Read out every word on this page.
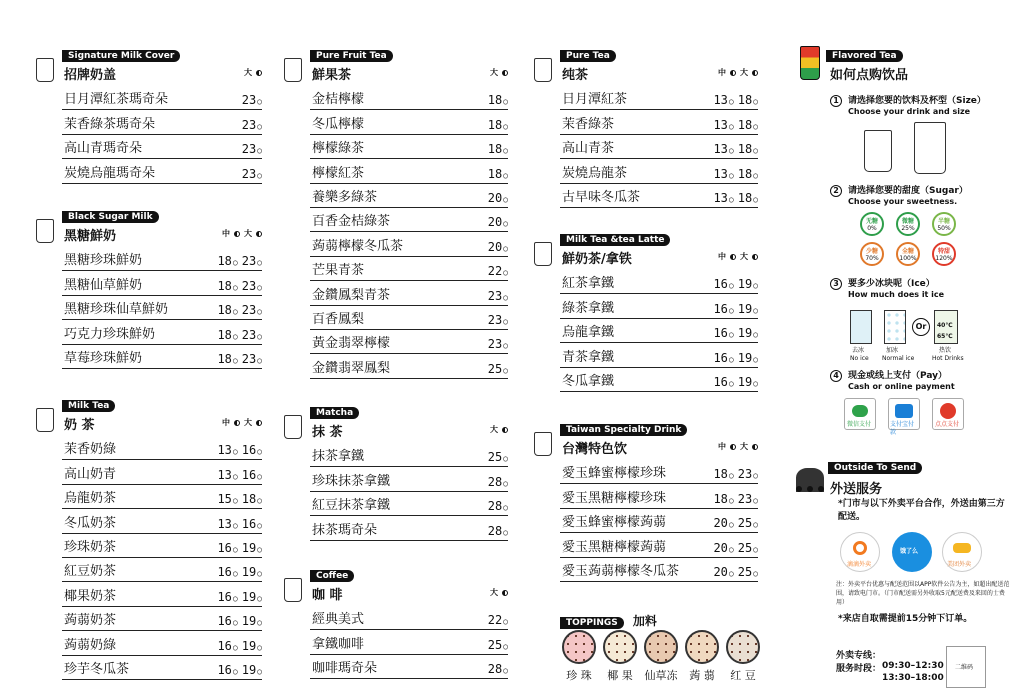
Signature Milk Cover
招牌奶盖	大
日月潭紅茶瑪奇朵	23 ○
茉香綠茶瑪奇朵	23 ○
高山青瑪奇朵	23 ○
炭燒烏龍瑪奇朵	23 ○
Black Sugar Milk
黑糖鮮奶	中 大
黑糖珍珠鮮奶	18 ○ 23 ○
黑糖仙草鮮奶	18 ○ 23 ○
黑糖珍珠仙草鮮奶	18 ○ 23 ○
巧克力珍珠鮮奶	18 ○ 23 ○
草莓珍珠鮮奶	18 ○ 23 ○
Milk Tea
奶 茶	中 大
茉香奶綠	13 ○ 16 ○
高山奶青	13 ○ 16 ○
烏龍奶茶	15 ○ 18 ○
冬瓜奶茶	13 ○ 16 ○
珍珠奶茶	16 ○ 19 ○
紅豆奶茶	16 ○ 19 ○
椰果奶茶	16 ○ 19 ○
蒟蒻奶茶	16 ○ 19 ○
蒟蒻奶綠	16 ○ 19 ○
珍芋冬瓜茶	16 ○ 19 ○
Pure Fruit Tea
鮮果茶	大
金桔檸檬	18 ○
冬瓜檸檬	18 ○
檸檬綠茶	18 ○
檸檬紅茶	18 ○
養樂多綠茶	20 ○
百香金桔綠茶	20 ○
蒟蒻檸檬冬瓜茶	20 ○
芒果青茶	22 ○
金鑽鳳梨青茶	23 ○
百香鳳梨	23 ○
黃金翡翠檸檬	23 ○
金鑽翡翠鳳梨	25 ○
Matcha
抹 茶	大
抹茶拿鐵	25 ○
珍珠抹茶拿鐵	28 ○
紅豆抹茶拿鐵	28 ○
抹茶瑪奇朵	28 ○
Coffee
咖 啡	大
經典美式	22 ○
拿鐵咖啡	25 ○
咖啡瑪奇朵	28 ○
Pure Tea
纯茶	中 大
日月潭紅茶	13 ○ 18 ○
茉香綠茶	13 ○ 18 ○
高山青茶	13 ○ 18 ○
炭燒烏龍茶	13 ○ 18 ○
古早味冬瓜茶	13 ○ 18 ○
Milk Tea &tea Latte
鮮奶茶/拿铁	中 大
紅茶拿鐵	16 ○ 19 ○
綠茶拿鐵	16 ○ 19 ○
烏龍拿鐵	16 ○ 19 ○
青茶拿鐵	16 ○ 19 ○
冬瓜拿鐵	16 ○ 19 ○
Taiwan Specialty Drink
台灣特色饮	中 大
愛玉蜂蜜檸檬珍珠	18 ○ 23 ○
愛玉黑糖檸檬珍珠	18 ○ 23 ○
愛玉蜂蜜檸檬蒟蒻	20 ○ 25 ○
愛玉黑糖檸檬蒟蒻	20 ○ 25 ○
愛玉蒟蒻檸檬冬瓜茶	20 ○ 25 ○
TOPPINGS 加料
珍 珠	椰 果	仙草冻	蒟 蒻	红 豆
Flavored Tea
如何点购饮品
1	请选择您要的饮料及杯型（Size）
Choose your drink and size
2	请选择您要的甜度（Sugar）
Choose your sweetness.
无糖
0%
微糖
25%
半糖
50%
少糖
70%
全糖
100%
特甜
120%
3	要多少冰块呢（Ice）
How much does it ice
Or	40℃
65℃
去冰	加冰	热饮
No ice Normal ice	Hot Drinks
4	现金或线上支付（Pay）
Cash or online payment
微信支付	支付宝付款
点点支付
Outside To Send
外送服务
*门市与以下外卖平台合作，外送由第三方配送。
滴滴外卖
饿了么
美团外卖
注：外卖平台优惠与配送范围以APP软件公告为主，如超出配送范围，请致电门市。（门市配送需另外收取5元配送费及来回的士费用）
*来店自取需提前15分钟下订单。
外卖专线：
服务时段： 09:30–12:30
13:30–18:00
二维码
